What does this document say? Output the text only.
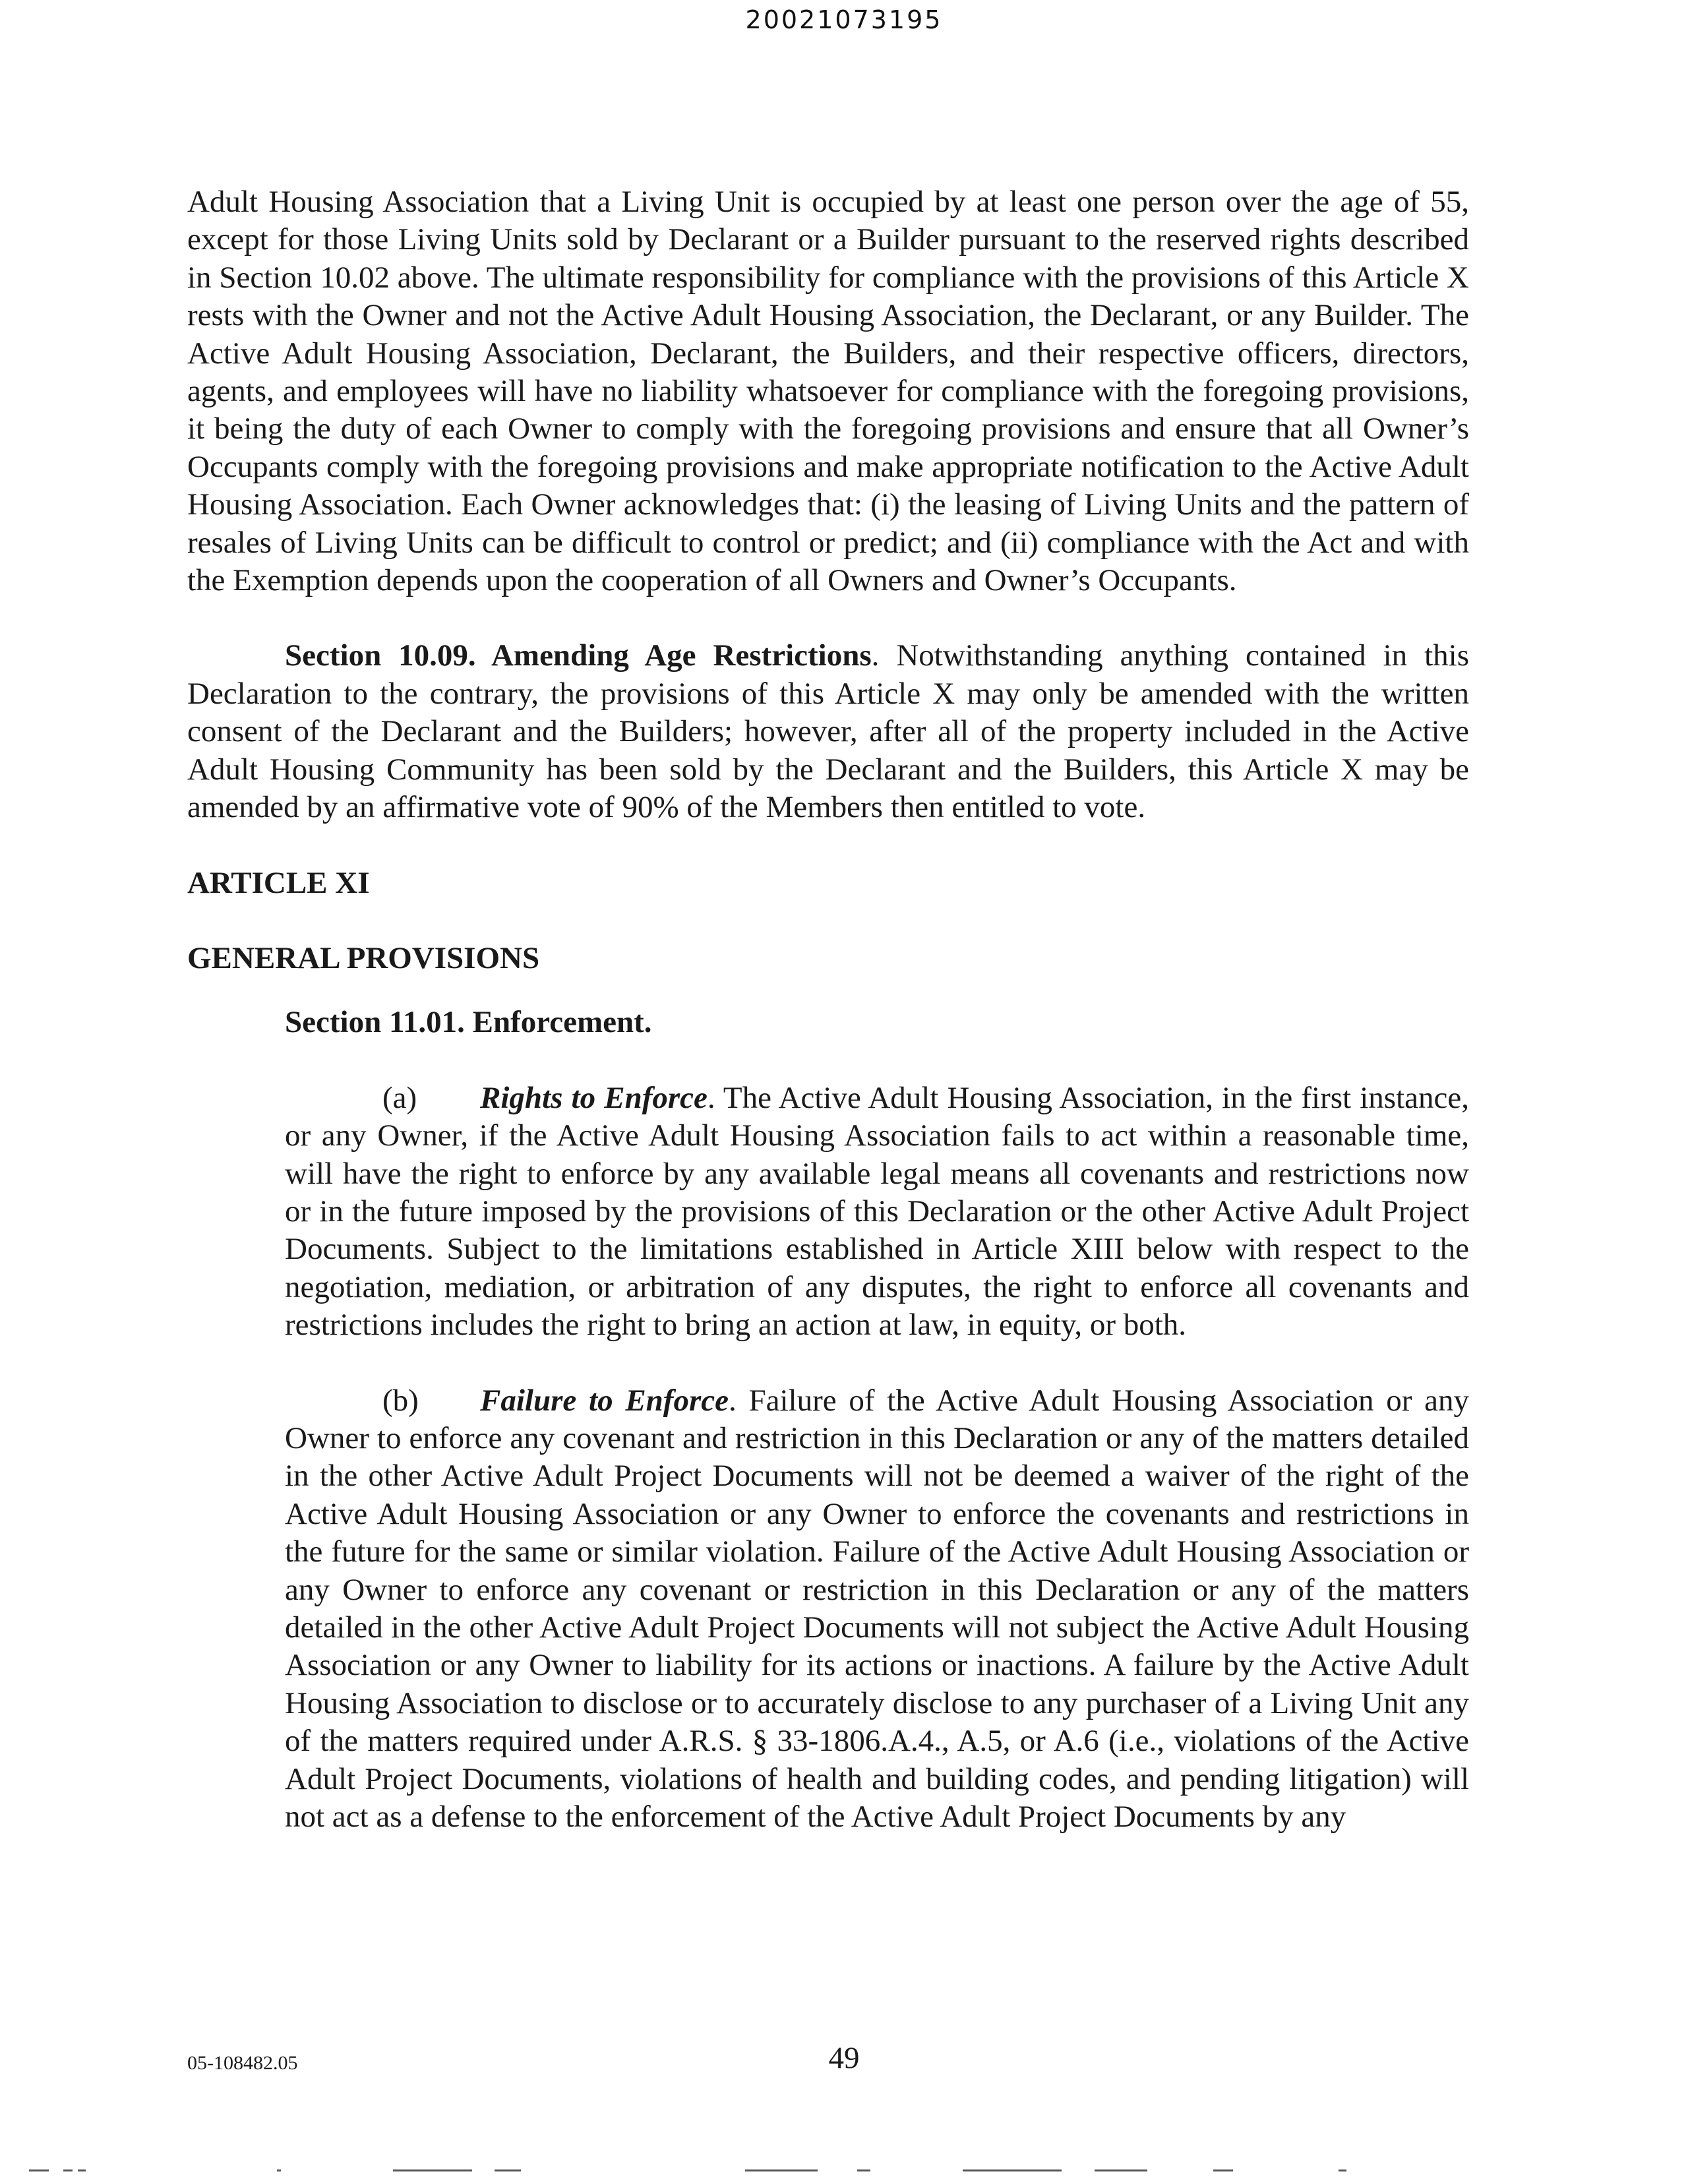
20021073195

Adult Housing Association that a Living Unit is occupied by at least one person over the age of 55, except for those Living Units sold by Declarant or a Builder pursuant to the reserved rights described in Section 10.02 above. The ultimate responsibility for compliance with the provisions of this Article X rests with the Owner and not the Active Adult Housing Association, the Declarant, or any Builder. The Active Adult Housing Association, Declarant, the Builders, and their respective officers, directors, agents, and employees will have no liability whatsoever for compliance with the foregoing provisions, it being the duty of each Owner to comply with the foregoing provisions and ensure that all Owner’s Occupants comply with the foregoing provisions and make appropriate notification to the Active Adult Housing Association. Each Owner acknowledges that: (i) the leasing of Living Units and the pattern of resales of Living Units can be difficult to control or predict; and (ii) compliance with the Act and with the Exemption depends upon the cooperation of all Owners and Owner’s Occupants.

Section 10.09. Amending Age Restrictions. Notwithstanding anything contained in this Declaration to the contrary, the provisions of this Article X may only be amended with the written consent of the Declarant and the Builders; however, after all of the property included in the Active Adult Housing Community has been sold by the Declarant and the Builders, this Article X may be amended by an affirmative vote of 90% of the Members then entitled to vote.

ARTICLE XI

GENERAL PROVISIONS

Section 11.01. Enforcement.

(a) Rights to Enforce. The Active Adult Housing Association, in the first instance, or any Owner, if the Active Adult Housing Association fails to act within a reasonable time, will have the right to enforce by any available legal means all covenants and restrictions now or in the future imposed by the provisions of this Declaration or the other Active Adult Project Documents. Subject to the limitations established in Article XIII below with respect to the negotiation, mediation, or arbitration of any disputes, the right to enforce all covenants and restrictions includes the right to bring an action at law, in equity, or both.

(b) Failure to Enforce. Failure of the Active Adult Housing Association or any Owner to enforce any covenant and restriction in this Declaration or any of the matters detailed in the other Active Adult Project Documents will not be deemed a waiver of the right of the Active Adult Housing Association or any Owner to enforce the covenants and restrictions in the future for the same or similar violation. Failure of the Active Adult Housing Association or any Owner to enforce any covenant or restriction in this Declaration or any of the matters detailed in the other Active Adult Project Documents will not subject the Active Adult Housing Association or any Owner to liability for its actions or inactions. A failure by the Active Adult Housing Association to disclose or to accurately disclose to any purchaser of a Living Unit any of the matters required under A.R.S. § 33-1806.A.4., A.5, or A.6 (i.e., violations of the Active Adult Project Documents, violations of health and building codes, and pending litigation) will not act as a defense to the enforcement of the Active Adult Project Documents by any

05-108482.05	49
